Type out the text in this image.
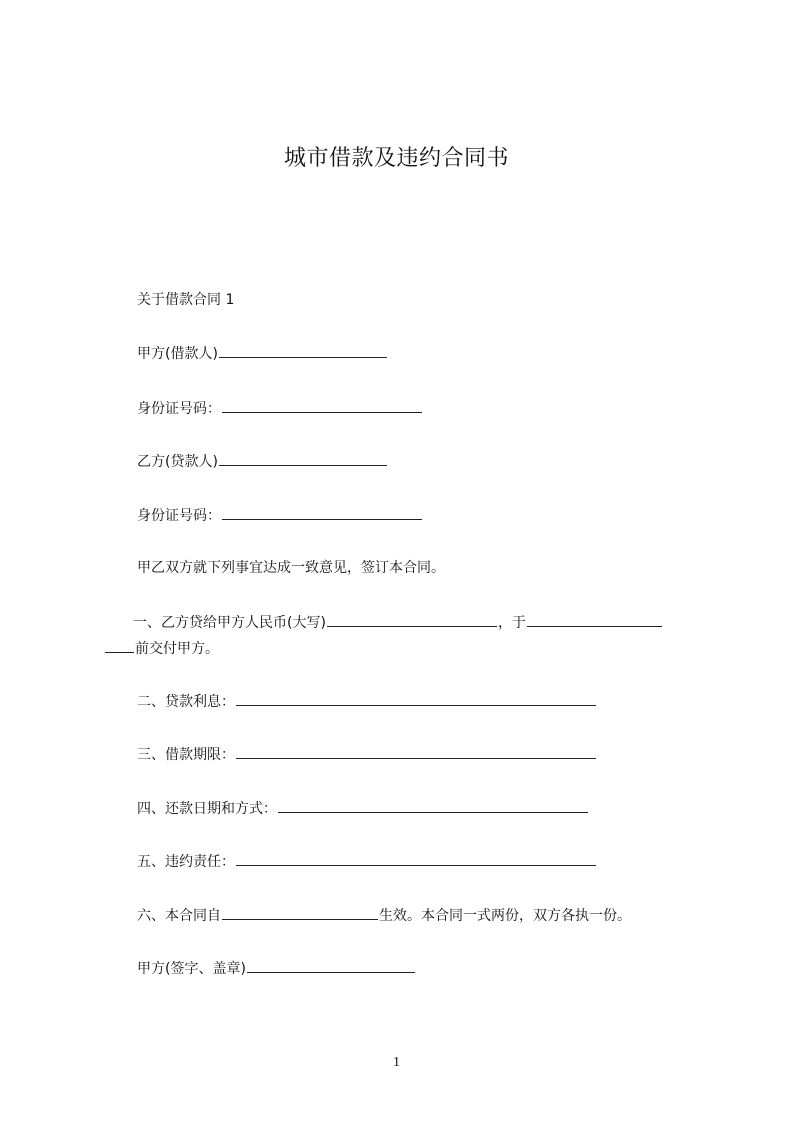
城市借款及违约合同书
关于借款合同 1
甲方(借款人)
身份证号码：
乙方(贷款人)
身份证号码：
甲乙双方就下列事宜达成一致意见，签订本合同。
一、乙方贷给甲方人民币(大写)	，于
前交付甲方。
二、贷款利息：
三、借款期限：
四、还款日期和方式：
五、违约责任：
六、本合同自	生效。本合同一式两份，双方各执一份。
甲方(签字、盖章)
1
